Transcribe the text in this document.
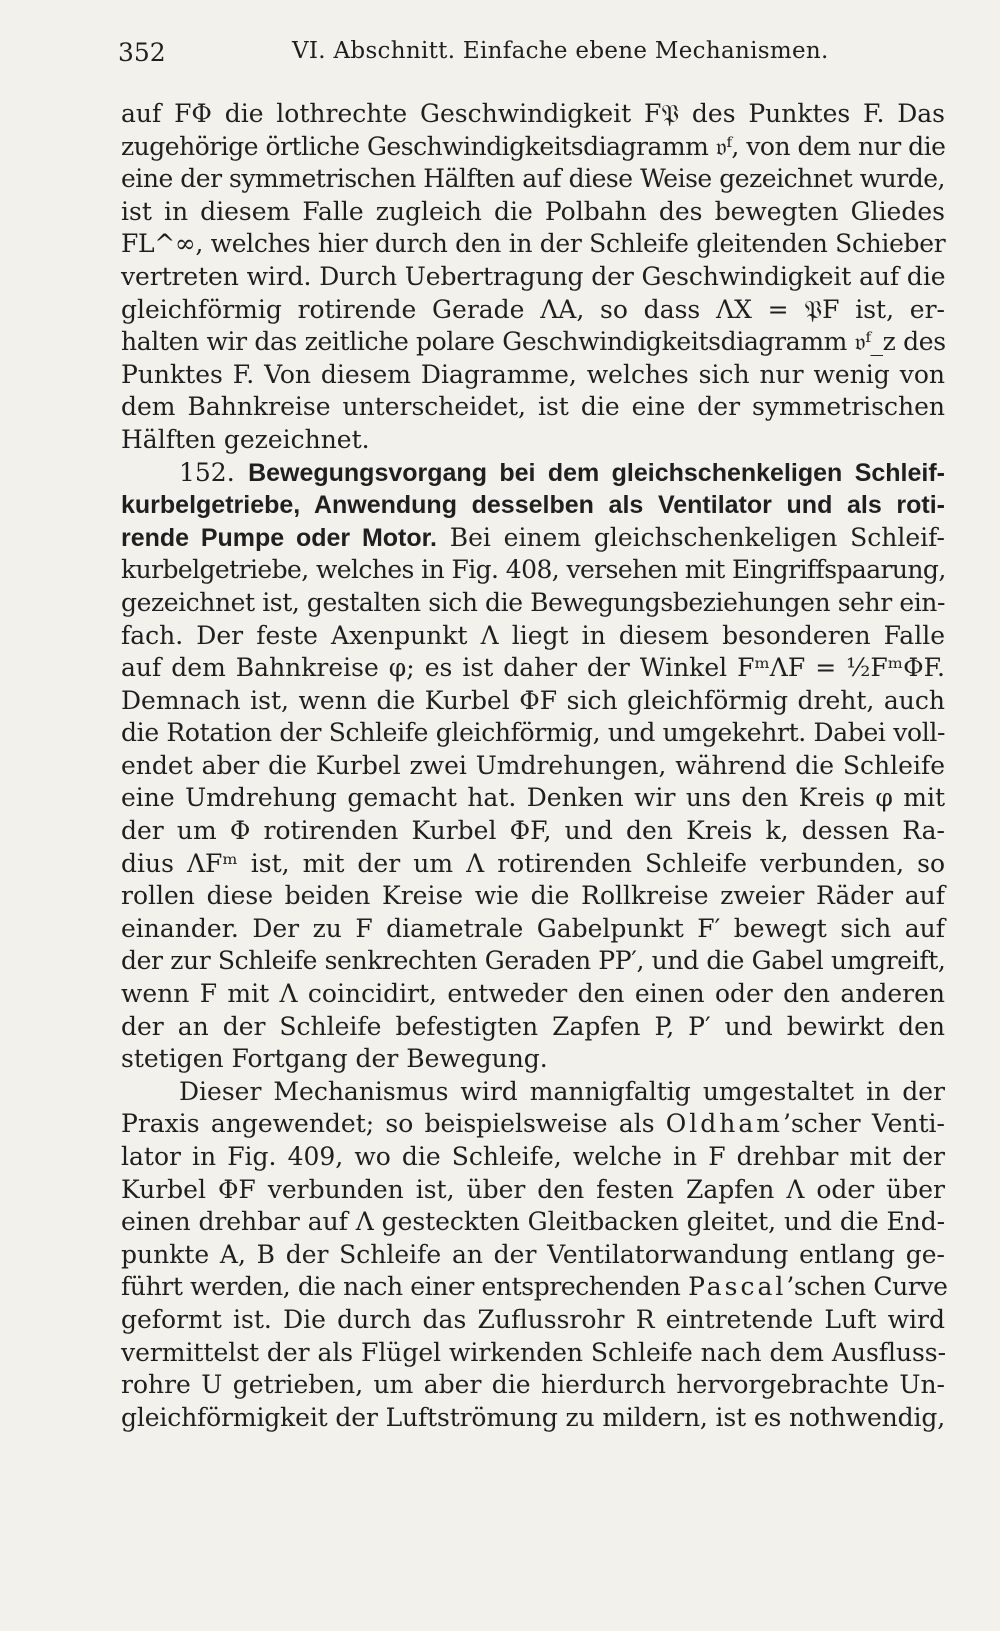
352	VI. Abschnitt. Einfache ebene Mechanismen.
auf FΦ die lothrechte Geschwindigkeit F𝔓 des Punktes F. Das
zugehörige örtliche Geschwindigkeitsdiagramm 𝔳ᶠ, von dem nur die
eine der symmetrischen Hälften auf diese Weise gezeichnet wurde,
ist in diesem Falle zugleich die Polbahn des bewegten Gliedes
FL^∞, welches hier durch den in der Schleife gleitenden Schieber
vertreten wird. Durch Uebertragung der Geschwindigkeit auf die
gleichförmig rotirende Gerade ΛA, so dass ΛX = 𝔓F ist, er-
halten wir das zeitliche polare Geschwindigkeitsdiagramm 𝔳ᶠ_z des
Punktes F. Von diesem Diagramme, welches sich nur wenig von
dem Bahnkreise unterscheidet, ist die eine der symmetrischen
Hälften gezeichnet.
152. Bewegungsvorgang bei dem gleichschenkeligen Schleif-
kurbelgetriebe, Anwendung desselben als Ventilator und als roti-
rende Pumpe oder Motor. Bei einem gleichschenkeligen Schleif-
kurbelgetriebe, welches in Fig. 408, versehen mit Eingriffspaarung,
gezeichnet ist, gestalten sich die Bewegungsbeziehungen sehr ein-
fach. Der feste Axenpunkt Λ liegt in diesem besonderen Falle
auf dem Bahnkreise φ; es ist daher der Winkel FᵐΛF = ½FᵐΦF.
Demnach ist, wenn die Kurbel ΦF sich gleichförmig dreht, auch
die Rotation der Schleife gleichförmig, und umgekehrt. Dabei voll-
endet aber die Kurbel zwei Umdrehungen, während die Schleife
eine Umdrehung gemacht hat. Denken wir uns den Kreis φ mit
der um Φ rotirenden Kurbel ΦF, und den Kreis k, dessen Ra-
dius ΛFᵐ ist, mit der um Λ rotirenden Schleife verbunden, so
rollen diese beiden Kreise wie die Rollkreise zweier Räder auf
einander. Der zu F diametrale Gabelpunkt F′ bewegt sich auf
der zur Schleife senkrechten Geraden PP′, und die Gabel umgreift,
wenn F mit Λ coincidirt, entweder den einen oder den anderen
der an der Schleife befestigten Zapfen P, P′ und bewirkt den
stetigen Fortgang der Bewegung.
Dieser Mechanismus wird mannigfaltig umgestaltet in der
Praxis angewendet; so beispielsweise als Oldham’scher Venti-
lator in Fig. 409, wo die Schleife, welche in F drehbar mit der
Kurbel ΦF verbunden ist, über den festen Zapfen Λ oder über
einen drehbar auf Λ gesteckten Gleitbacken gleitet, und die End-
punkte A, B der Schleife an der Ventilatorwandung entlang ge-
führt werden, die nach einer entsprechenden Pascal’schen Curve
geformt ist. Die durch das Zuflussrohr R eintretende Luft wird
vermittelst der als Flügel wirkenden Schleife nach dem Ausfluss-
rohre U getrieben, um aber die hierdurch hervorgebrachte Un-
gleichförmigkeit der Luftströmung zu mildern, ist es nothwendig,
